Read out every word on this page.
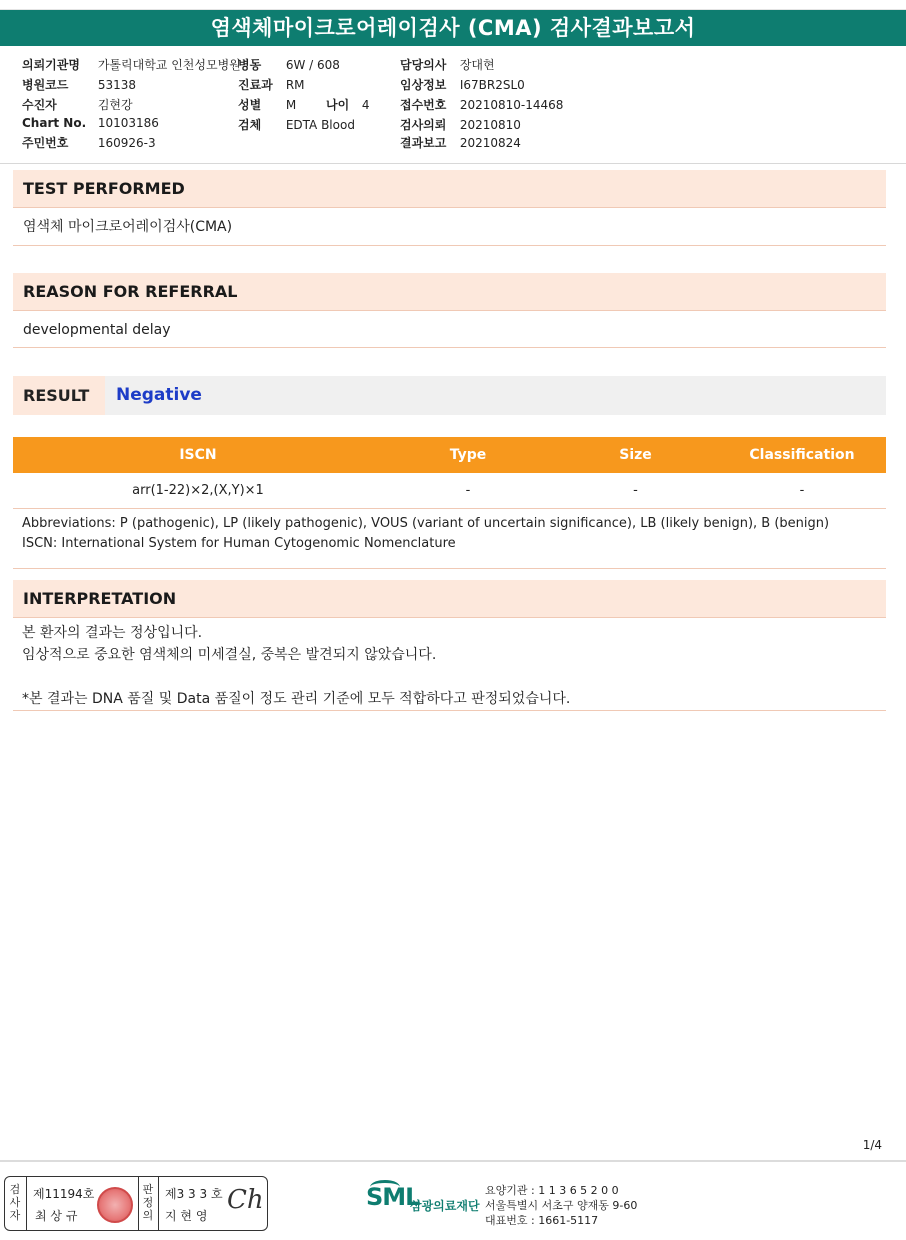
염색체마이크로어레이검사 (CMA) 검사결과보고서
의뢰기관명 가톨릭대학교 인천성모병원
병원코드 53138
수진자	김현강
Chart No. 10103186
주민번호 160926-3
병동 6W / 608
진료과 RM
성별 M
검체 EDTA Blood
나이 4
담당의사 장대현
임상정보 I67BR2SL0
접수번호 20210810-14468
검사의뢰 20210810
결과보고 20210824
TEST PERFORMED
염색체 마이크로어레이검사(CMA)
REASON FOR REFERRAL
developmental delay
RESULT	Negative
ISCN	Type	Size	Classification
arr(1-22)×2,(X,Y)×1	-	-	-
Abbreviations: P (pathogenic), LP (likely pathogenic), VOUS (variant of uncertain significance), LB (likely benign), B (benign)
ISCN: International System for Human Cytogenomic Nomenclature
INTERPRETATION
본 환자의 결과는 정상입니다.
임상적으로 중요한 염색체의 미세결실, 중복은 발견되지 않았습니다.
*본 결과는 DNA 품질 및 Data 품질이 정도 관리 기준에 모두 적합하다고 판정되었습니다.
1/4
검사자
제11194호
최 상 규
판정의
제3 3 3 호
지 현 영
Ch	SML
삼광의료재단
요양기관 : 1 1 3 6 5 2 0 0
서울특별시 서초구 양재동 9-60
대표번호 : 1661-5117
